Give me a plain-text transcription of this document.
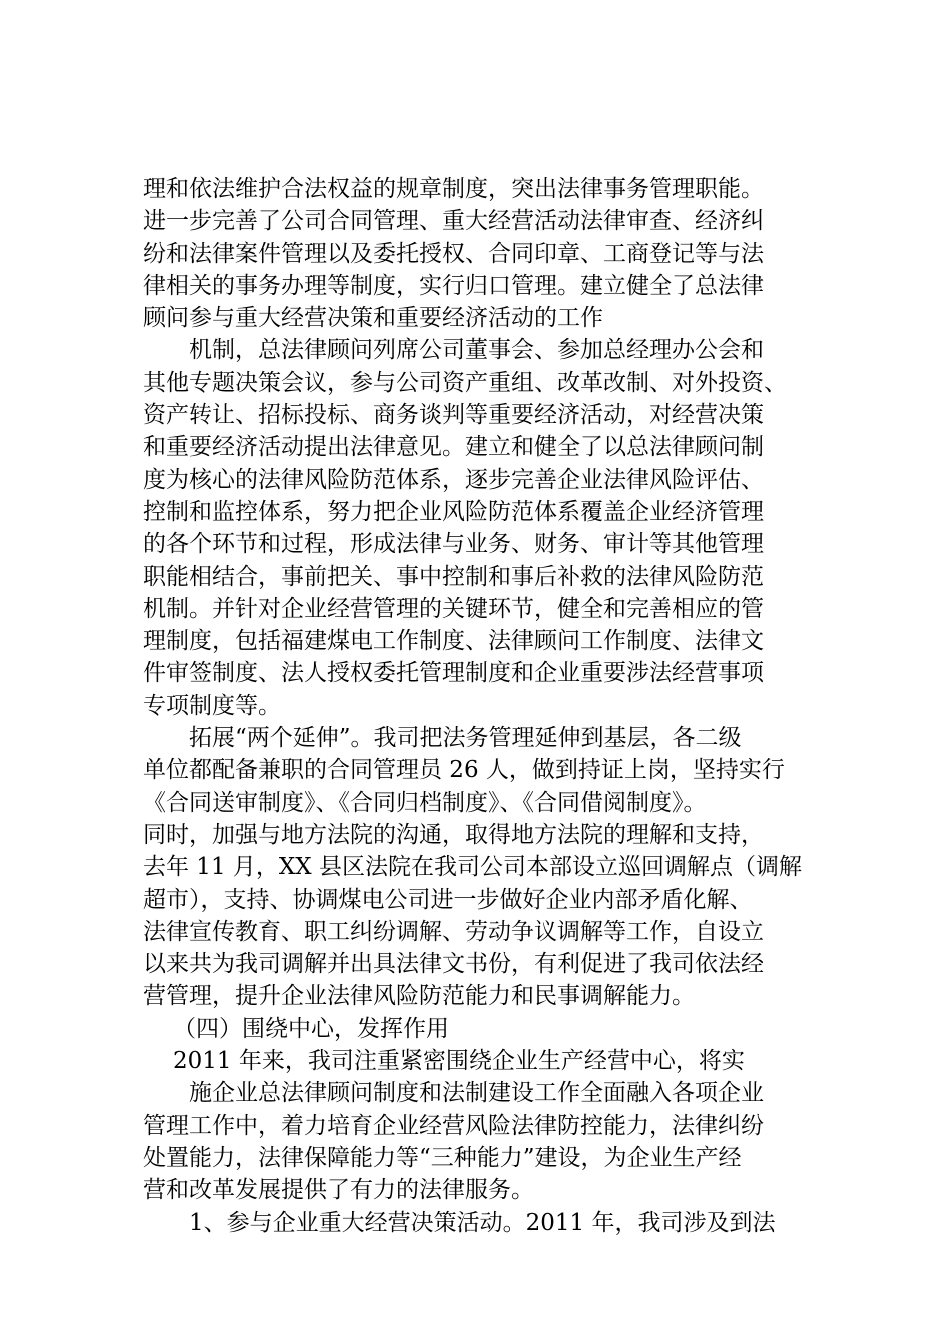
理和依法维护合法权益的规章制度，突出法律事务管理职能。
进一步完善了公司合同管理、重大经营活动法律审查、经济纠
纷和法律案件管理以及委托授权、合同印章、工商登记等与法
律相关的事务办理等制度，实行归口管理。建立健全了总法律
顾问参与重大经营决策和重要经济活动的工作
机制，总法律顾问列席公司董事会、参加总经理办公会和
其他专题决策会议，参与公司资产重组、改革改制、对外投资、
资产转让、招标投标、商务谈判等重要经济活动，对经营决策
和重要经济活动提出法律意见。建立和健全了以总法律顾问制
度为核心的法律风险防范体系，逐步完善企业法律风险评估、
控制和监控体系，努力把企业风险防范体系覆盖企业经济管理
的各个环节和过程，形成法律与业务、财务、审计等其他管理
职能相结合，事前把关、事中控制和事后补救的法律风险防范
机制。并针对企业经营管理的关键环节，健全和完善相应的管
理制度，包括福建煤电工作制度、法律顾问工作制度、法律文
件审签制度、法人授权委托管理制度和企业重要涉法经营事项
专项制度等。
拓展“两个延伸”。我司把法务管理延伸到基层，各二级
单位都配备兼职的合同管理员 26 人，做到持证上岗，坚持实行
《合同送审制度》、《合同归档制度》、《合同借阅制度》。
同时，加强与地方法院的沟通，取得地方法院的理解和支持，
去年 11 月，XX 县区法院在我司公司本部设立巡回调解点（调解
超市），支持、协调煤电公司进一步做好企业内部矛盾化解、
法律宣传教育、职工纠纷调解、劳动争议调解等工作，自设立
以来共为我司调解并出具法律文书份，有利促进了我司依法经
营管理，提升企业法律风险防范能力和民事调解能力。
（四）围绕中心，发挥作用
2011 年来，我司注重紧密围绕企业生产经营中心，将实
施企业总法律顾问制度和法制建设工作全面融入各项企业
管理工作中，着力培育企业经营风险法律防控能力，法律纠纷
处置能力，法律保障能力等“三种能力”建设，为企业生产经
营和改革发展提供了有力的法律服务。
1、参与企业重大经营决策活动。2011 年，我司涉及到法
